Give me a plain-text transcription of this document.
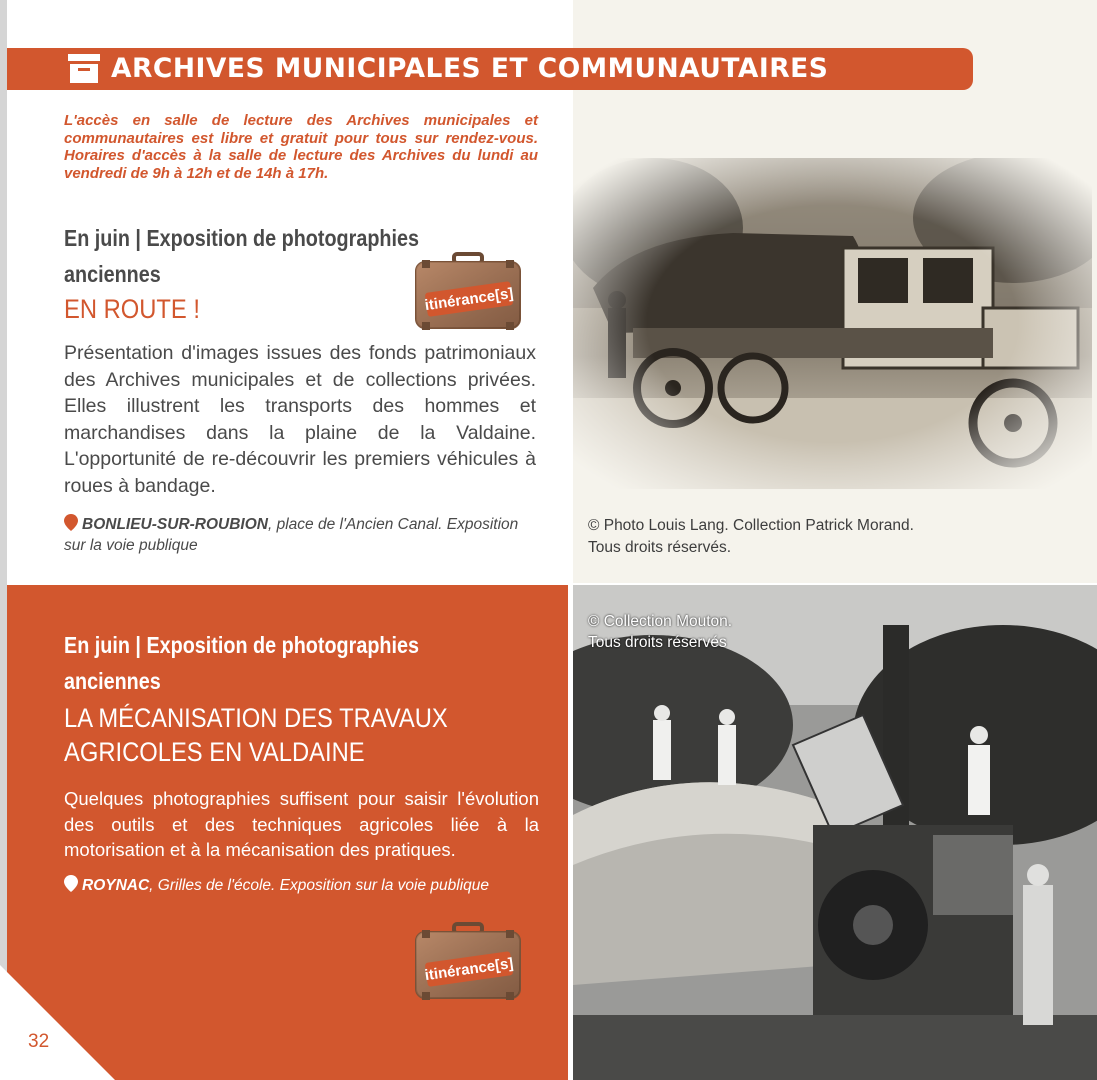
ARCHIVES MUNICIPALES ET COMMUNAUTAIRES

L'accès en salle de lecture des Archives municipales et communautaires est libre et gratuit pour tous sur rendez-vous. Horaires d'accès à la salle de lecture des Archives du lundi au vendredi de 9h à 12h et de 14h à 17h.

En juin | Exposition de photographies anciennes

EN ROUTE !	itinérance[s]

Présentation d'images issues des fonds patrimoniaux des Archives municipales et de collections privées. Elles illustrent les transports des hommes et marchandises dans la plaine de la Valdaine. L'opportunité de re-découvrir les premiers véhicules à roues à bandage.

BONLIEU-SUR-ROUBION, place de l'Ancien Canal. Exposition sur la voie publique

© Photo Louis Lang. Collection Patrick Morand.
Tous droits réservés.

En juin | Exposition de photographies anciennes

LA MÉCANISATION DES TRAVAUX
AGRICOLES EN VALDAINE

Quelques photographies suffisent pour saisir l'évolution des outils et des techniques agricoles liée à la motorisation et à la mécanisation des pratiques.

ROYNAC, Grilles de l'école. Exposition sur la voie publique

itinérance[s]
32

© Collection Mouton.
Tous droits réservés
